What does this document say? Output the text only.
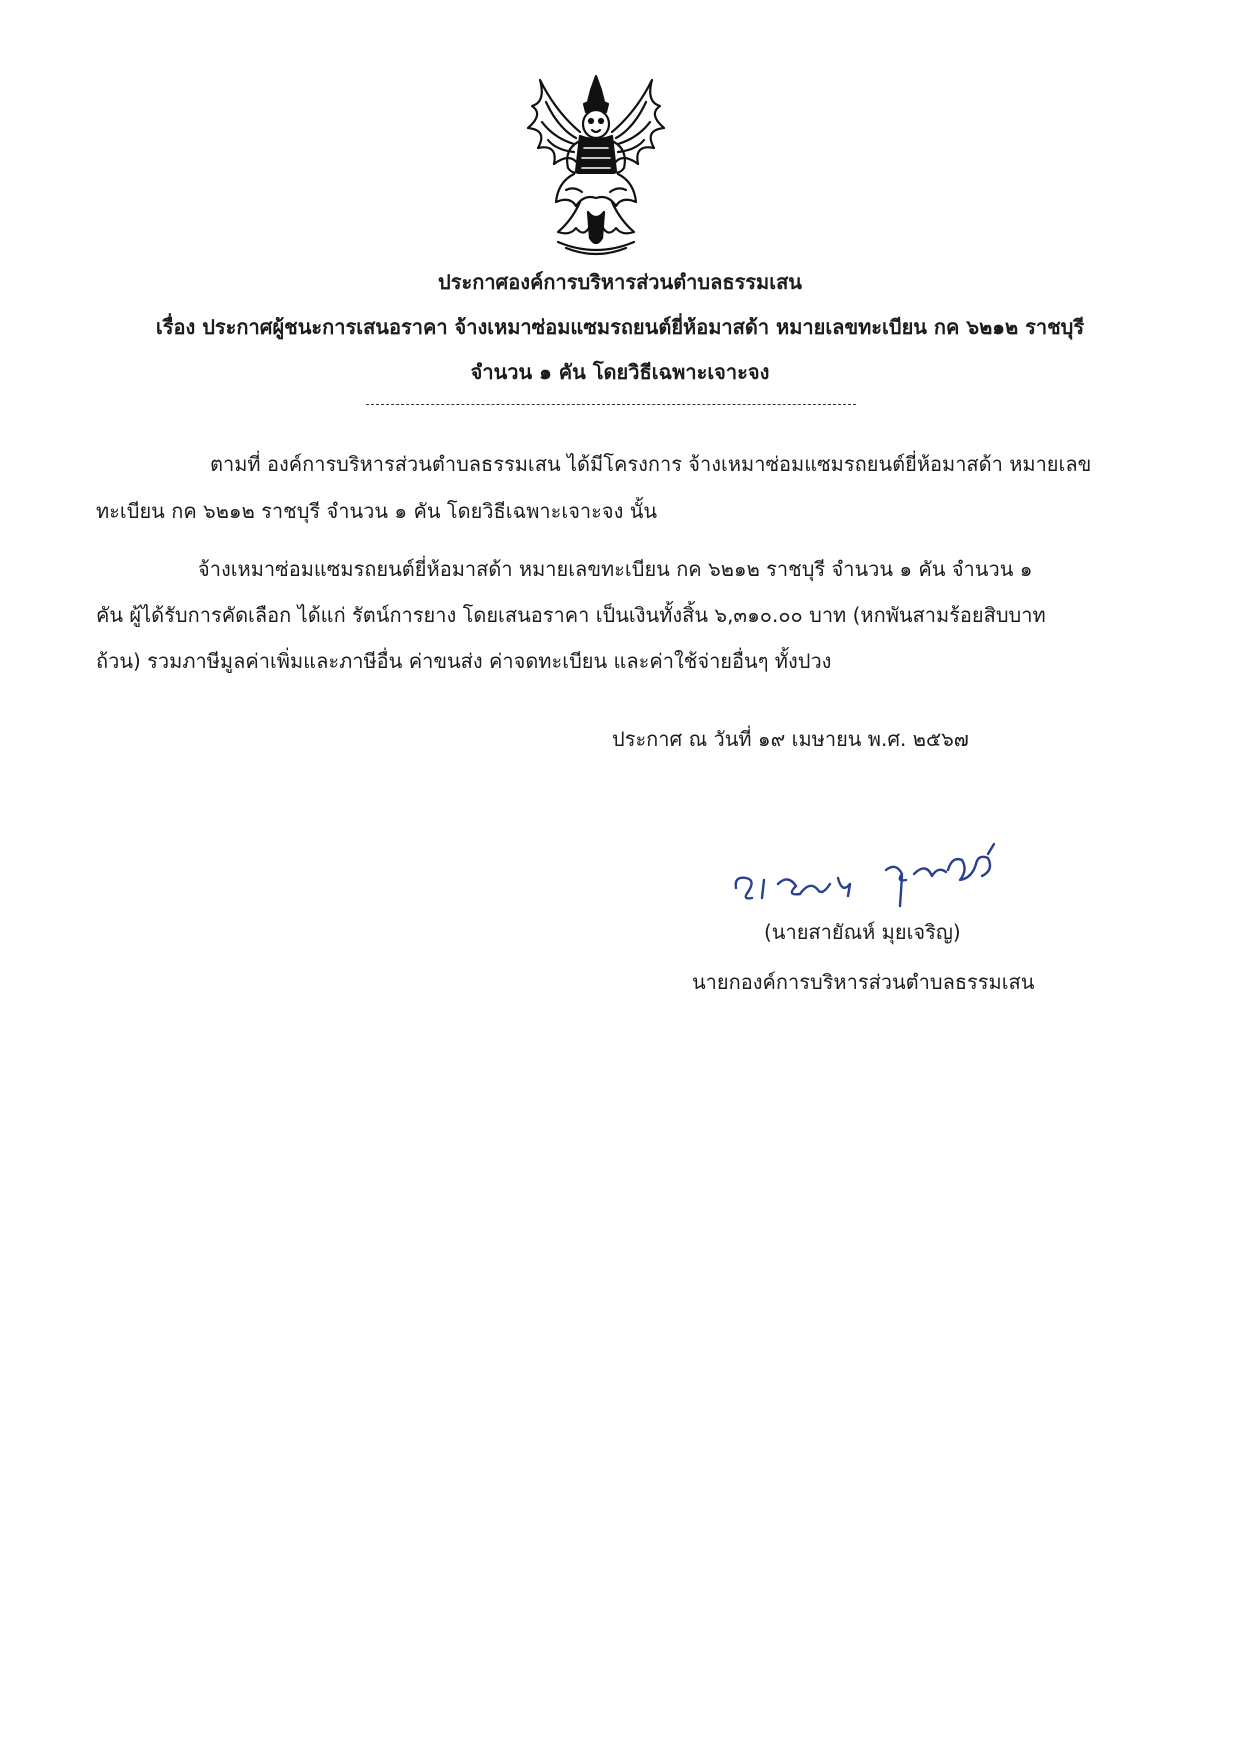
ประกาศองค์การบริหารส่วนตำบลธรรมเสน
เรื่อง ประกาศผู้ชนะการเสนอราคา จ้างเหมาซ่อมแซมรถยนต์ยี่ห้อมาสด้า หมายเลขทะเบียน กค ๖๒๑๒ ราชบุรี
จำนวน ๑ คัน โดยวิธีเฉพาะเจาะจง
ตามที่ องค์การบริหารส่วนตำบลธรรมเสน ได้มีโครงการ จ้างเหมาซ่อมแซมรถยนต์ยี่ห้อมาสด้า หมายเลข
ทะเบียน กค ๖๒๑๒ ราชบุรี จำนวน ๑ คัน โดยวิธีเฉพาะเจาะจง นั้น
จ้างเหมาซ่อมแซมรถยนต์ยี่ห้อมาสด้า หมายเลขทะเบียน กค ๖๒๑๒ ราชบุรี จำนวน ๑ คัน จำนวน ๑
คัน ผู้ได้รับการคัดเลือก ได้แก่ รัตน์การยาง โดยเสนอราคา เป็นเงินทั้งสิ้น ๖,๓๑๐.๐๐ บาท (หกพันสามร้อยสิบบาท
ถ้วน) รวมภาษีมูลค่าเพิ่มและภาษีอื่น ค่าขนส่ง ค่าจดทะเบียน และค่าใช้จ่ายอื่นๆ ทั้งปวง
ประกาศ ณ วันที่ ๑๙ เมษายน พ.ศ. ๒๕๖๗
(นายสายัณห์ มุยเจริญ)
นายกองค์การบริหารส่วนตำบลธรรมเสน
